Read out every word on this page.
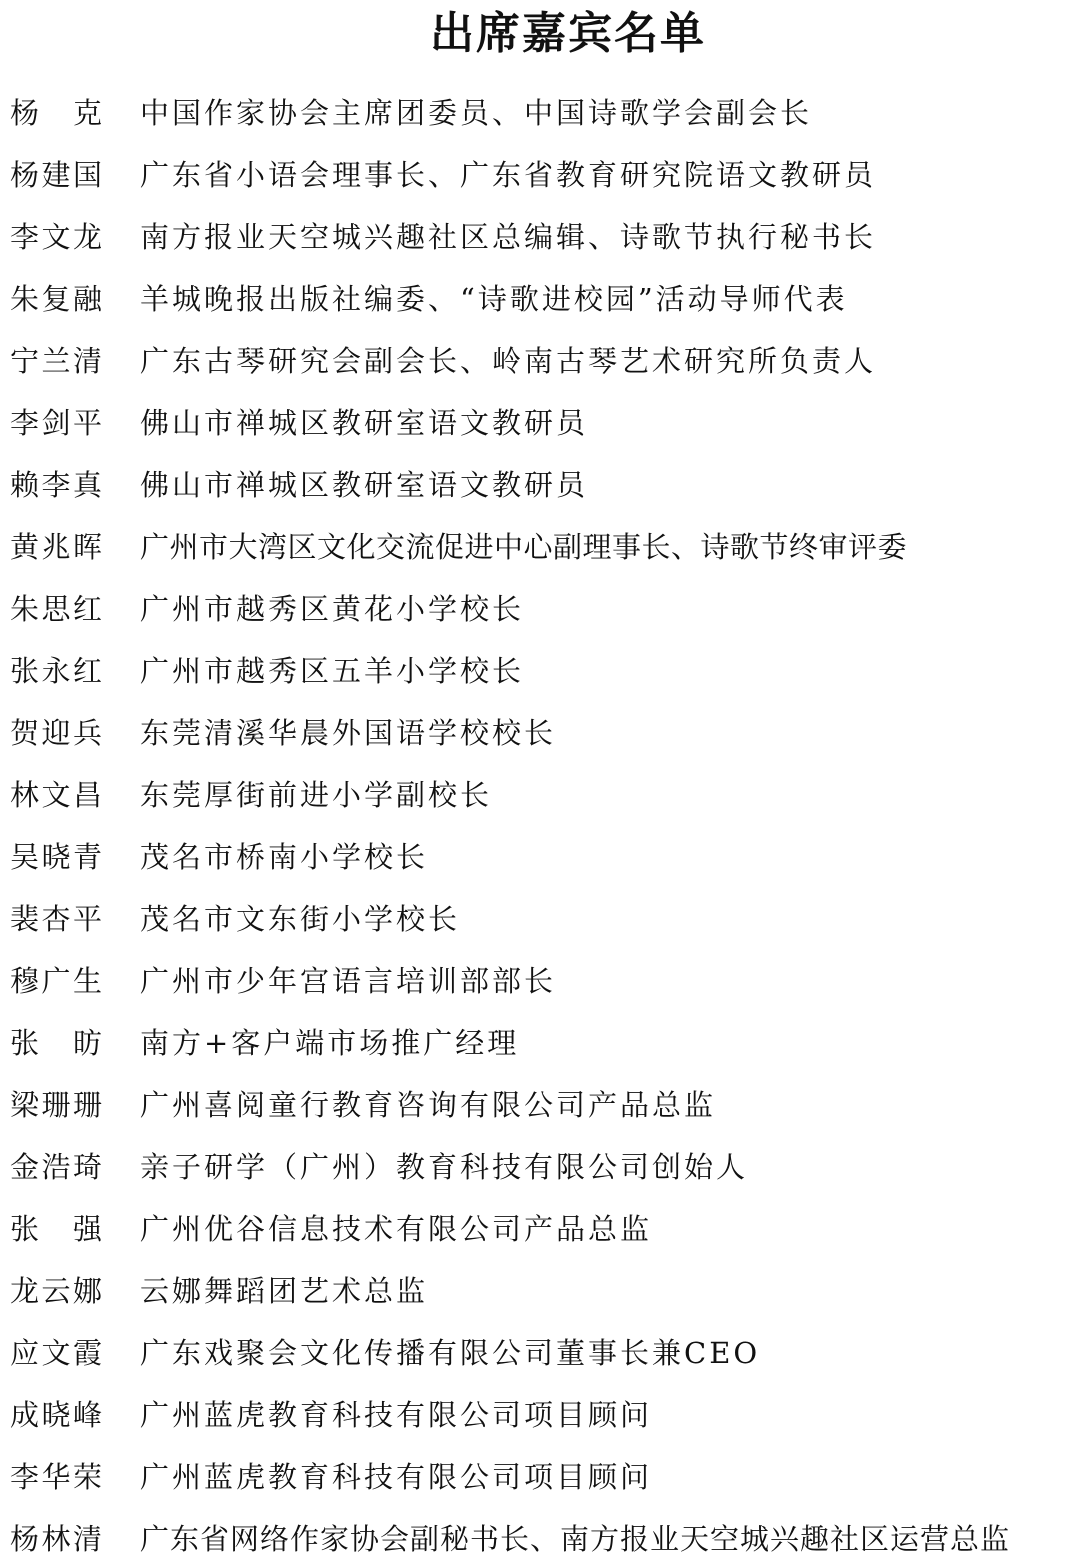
出席嘉宾名单
杨　克 中国作家协会主席团委员、中国诗歌学会副会长
杨建国 广东省小语会理事长、广东省教育研究院语文教研员
李文龙 南方报业天空城兴趣社区总编辑、诗歌节执行秘书长
朱复融 羊城晚报出版社编委、“诗歌进校园”活动导师代表
宁兰清 广东古琴研究会副会长、岭南古琴艺术研究所负责人
李剑平 佛山市禅城区教研室语文教研员
赖李真 佛山市禅城区教研室语文教研员
黄兆晖 广州市大湾区文化交流促进中心副理事长、诗歌节终审评委
朱思红 广州市越秀区黄花小学校长
张永红 广州市越秀区五羊小学校长
贺迎兵 东莞清溪华晨外国语学校校长
林文昌 东莞厚街前进小学副校长
吴晓青 茂名市桥南小学校长
裴杏平 茂名市文东街小学校长
穆广生 广州市少年宫语言培训部部长
张　昉 南方+客户端市场推广经理
梁珊珊 广州喜阅童行教育咨询有限公司产品总监
金浩琦 亲子研学（广州）教育科技有限公司创始人
张　强 广州优谷信息技术有限公司产品总监
龙云娜 云娜舞蹈团艺术总监
应文霞 广东戏聚会文化传播有限公司董事长兼CEO
成晓峰 广州蓝虎教育科技有限公司项目顾问
李华荣 广州蓝虎教育科技有限公司项目顾问
杨林清 广东省网络作家协会副秘书长、南方报业天空城兴趣社区运营总监
